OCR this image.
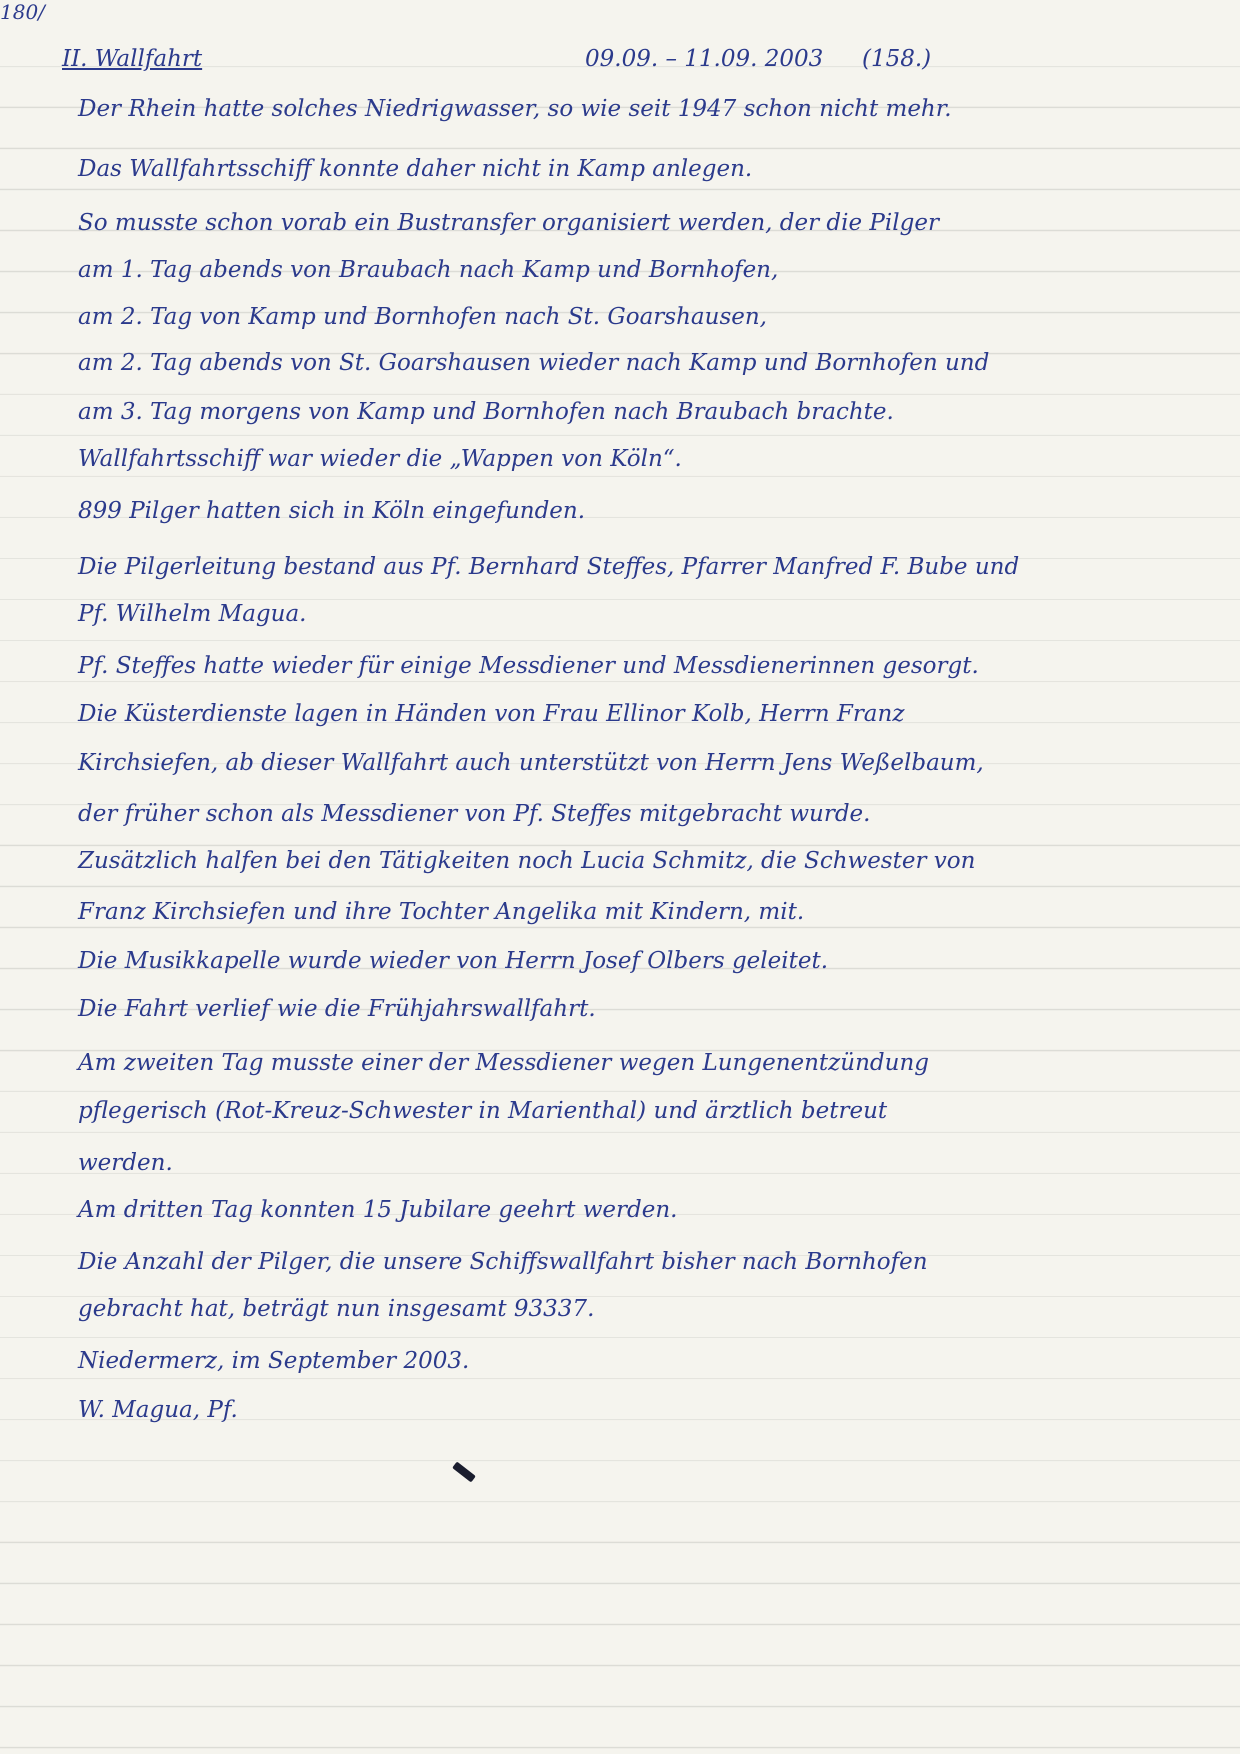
180/
II. Wallfahrt	09.09. – 11.09. 2003 (158.)
Der Rhein hatte solches Niedrigwasser, so wie seit 1947 schon nicht mehr.
Das Wallfahrtsschiff konnte daher nicht in Kamp anlegen.
So musste schon vorab ein Bustransfer organisiert werden, der die Pilger
am 1. Tag abends von Braubach nach Kamp und Bornhofen,
am 2. Tag von Kamp und Bornhofen nach St. Goarshausen,
am 2. Tag abends von St. Goarshausen wieder nach Kamp und Bornhofen und
am 3. Tag morgens von Kamp und Bornhofen nach Braubach brachte.
Wallfahrtsschiff war wieder die „Wappen von Köln“.
899 Pilger hatten sich in Köln eingefunden.
Die Pilgerleitung bestand aus Pf. Bernhard Steffes, Pfarrer Manfred F. Bube und
Pf. Wilhelm Magua.
Pf. Steffes hatte wieder für einige Messdiener und Messdienerinnen gesorgt.
Die Küsterdienste lagen in Händen von Frau Ellinor Kolb, Herrn Franz
Kirchsiefen, ab dieser Wallfahrt auch unterstützt von Herrn Jens Weßelbaum,
der früher schon als Messdiener von Pf. Steffes mitgebracht wurde.
Zusätzlich halfen bei den Tätigkeiten noch Lucia Schmitz, die Schwester von
Franz Kirchsiefen und ihre Tochter Angelika mit Kindern, mit.
Die Musikkapelle wurde wieder von Herrn Josef Olbers geleitet.
Die Fahrt verlief wie die Frühjahrswallfahrt.
Am zweiten Tag musste einer der Messdiener wegen Lungenentzündung
pflegerisch (Rot-Kreuz-Schwester in Marienthal) und ärztlich betreut
werden.
Am dritten Tag konnten 15 Jubilare geehrt werden.
Die Anzahl der Pilger, die unsere Schiffswallfahrt bisher nach Bornhofen
gebracht hat, beträgt nun insgesamt 93337.
Niedermerz, im September 2003.
W. Magua, Pf.
